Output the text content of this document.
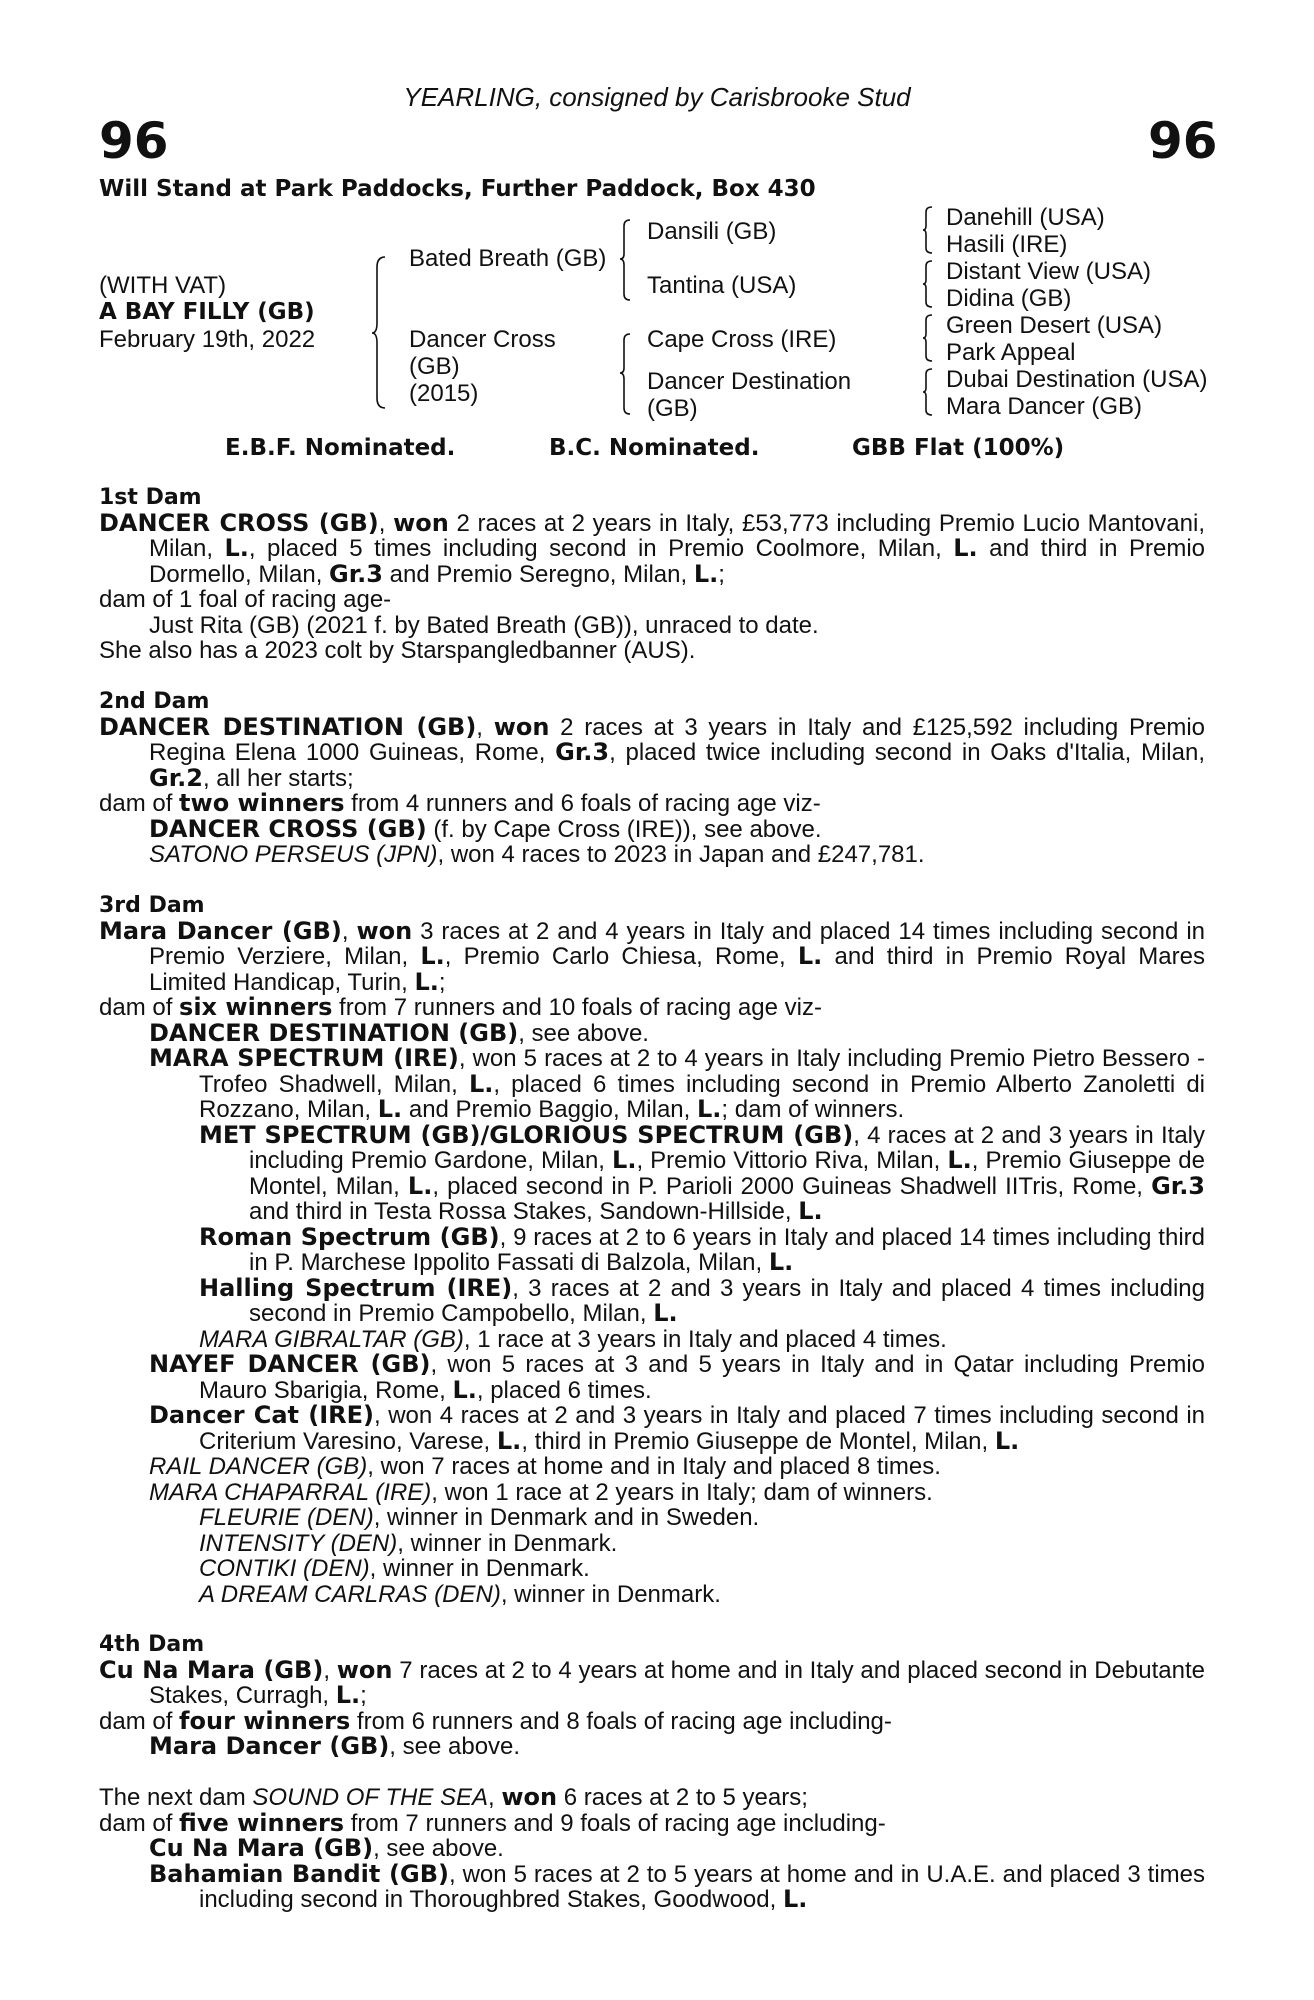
YEARLING, consigned by Carisbrooke Stud
96	96
Will Stand at Park Paddocks, Further Paddock, Box 430
(WITH VAT)
A BAY FILLY (GB)
February 19th, 2022
Bated Breath (GB)
Dancer Cross
(GB)
(2015)
Dansili (GB)
Tantina (USA)
Cape Cross (IRE)
Dancer Destination
(GB)
Danehill (USA)
Hasili (IRE)
Distant View (USA)
Didina (GB)
Green Desert (USA)
Park Appeal
Dubai Destination (USA)
Mara Dancer (GB)
E.B.F. Nominated.	B.C. Nominated.	GBB Flat (100%)

1st Dam

DANCER CROSS (GB), won 2 races at 2 years in Italy, £53,773 including Premio Lucio Mantovani, Milan, L., placed 5 times including second in Premio Coolmore, Milan, L. and third in Premio Dormello, Milan, Gr.3 and Premio Seregno, Milan, L.;

dam of 1 foal of racing age-

Just Rita (GB) (2021 f. by Bated Breath (GB)), unraced to date.

She also has a 2023 colt by Starspangledbanner (AUS).

2nd Dam

DANCER DESTINATION (GB), won 2 races at 3 years in Italy and £125,592 including Premio Regina Elena 1000 Guineas, Rome, Gr.3, placed twice including second in Oaks d'Italia, Milan, Gr.2, all her starts;

dam of two winners from 4 runners and 6 foals of racing age viz-

DANCER CROSS (GB) (f. by Cape Cross (IRE)), see above.

SATONO PERSEUS (JPN), won 4 races to 2023 in Japan and £247,781.

3rd Dam

Mara Dancer (GB), won 3 races at 2 and 4 years in Italy and placed 14 times including second in Premio Verziere, Milan, L., Premio Carlo Chiesa, Rome, L. and third in Premio Royal Mares Limited Handicap, Turin, L.;

dam of six winners from 7 runners and 10 foals of racing age viz-

DANCER DESTINATION (GB), see above.

MARA SPECTRUM (IRE), won 5 races at 2 to 4 years in Italy including Premio Pietro Bessero - Trofeo Shadwell, Milan, L., placed 6 times including second in Premio Alberto Zanoletti di Rozzano, Milan, L. and Premio Baggio, Milan, L.; dam of winners.

MET SPECTRUM (GB)/GLORIOUS SPECTRUM (GB), 4 races at 2 and 3 years in Italy including Premio Gardone, Milan, L., Premio Vittorio Riva, Milan, L., Premio Giuseppe de Montel, Milan, L., placed second in P. Parioli 2000 Guineas Shadwell IITris, Rome, Gr.3 and third in Testa Rossa Stakes, Sandown-Hillside, L.

Roman Spectrum (GB), 9 races at 2 to 6 years in Italy and placed 14 times including third in P. Marchese Ippolito Fassati di Balzola, Milan, L.

Halling Spectrum (IRE), 3 races at 2 and 3 years in Italy and placed 4 times including second in Premio Campobello, Milan, L.

MARA GIBRALTAR (GB), 1 race at 3 years in Italy and placed 4 times.

NAYEF DANCER (GB), won 5 races at 3 and 5 years in Italy and in Qatar including Premio Mauro Sbarigia, Rome, L., placed 6 times.

Dancer Cat (IRE), won 4 races at 2 and 3 years in Italy and placed 7 times including second in Criterium Varesino, Varese, L., third in Premio Giuseppe de Montel, Milan, L.

RAIL DANCER (GB), won 7 races at home and in Italy and placed 8 times.

MARA CHAPARRAL (IRE), won 1 race at 2 years in Italy; dam of winners.

FLEURIE (DEN), winner in Denmark and in Sweden.

INTENSITY (DEN), winner in Denmark.

CONTIKI (DEN), winner in Denmark.

A DREAM CARLRAS (DEN), winner in Denmark.

4th Dam

Cu Na Mara (GB), won 7 races at 2 to 4 years at home and in Italy and placed second in Debutante Stakes, Curragh, L.;

dam of four winners from 6 runners and 8 foals of racing age including-

Mara Dancer (GB), see above.

The next dam SOUND OF THE SEA, won 6 races at 2 to 5 years;

dam of five winners from 7 runners and 9 foals of racing age including-

Cu Na Mara (GB), see above.

Bahamian Bandit (GB), won 5 races at 2 to 5 years at home and in U.A.E. and placed 3 times including second in Thoroughbred Stakes, Goodwood, L.
